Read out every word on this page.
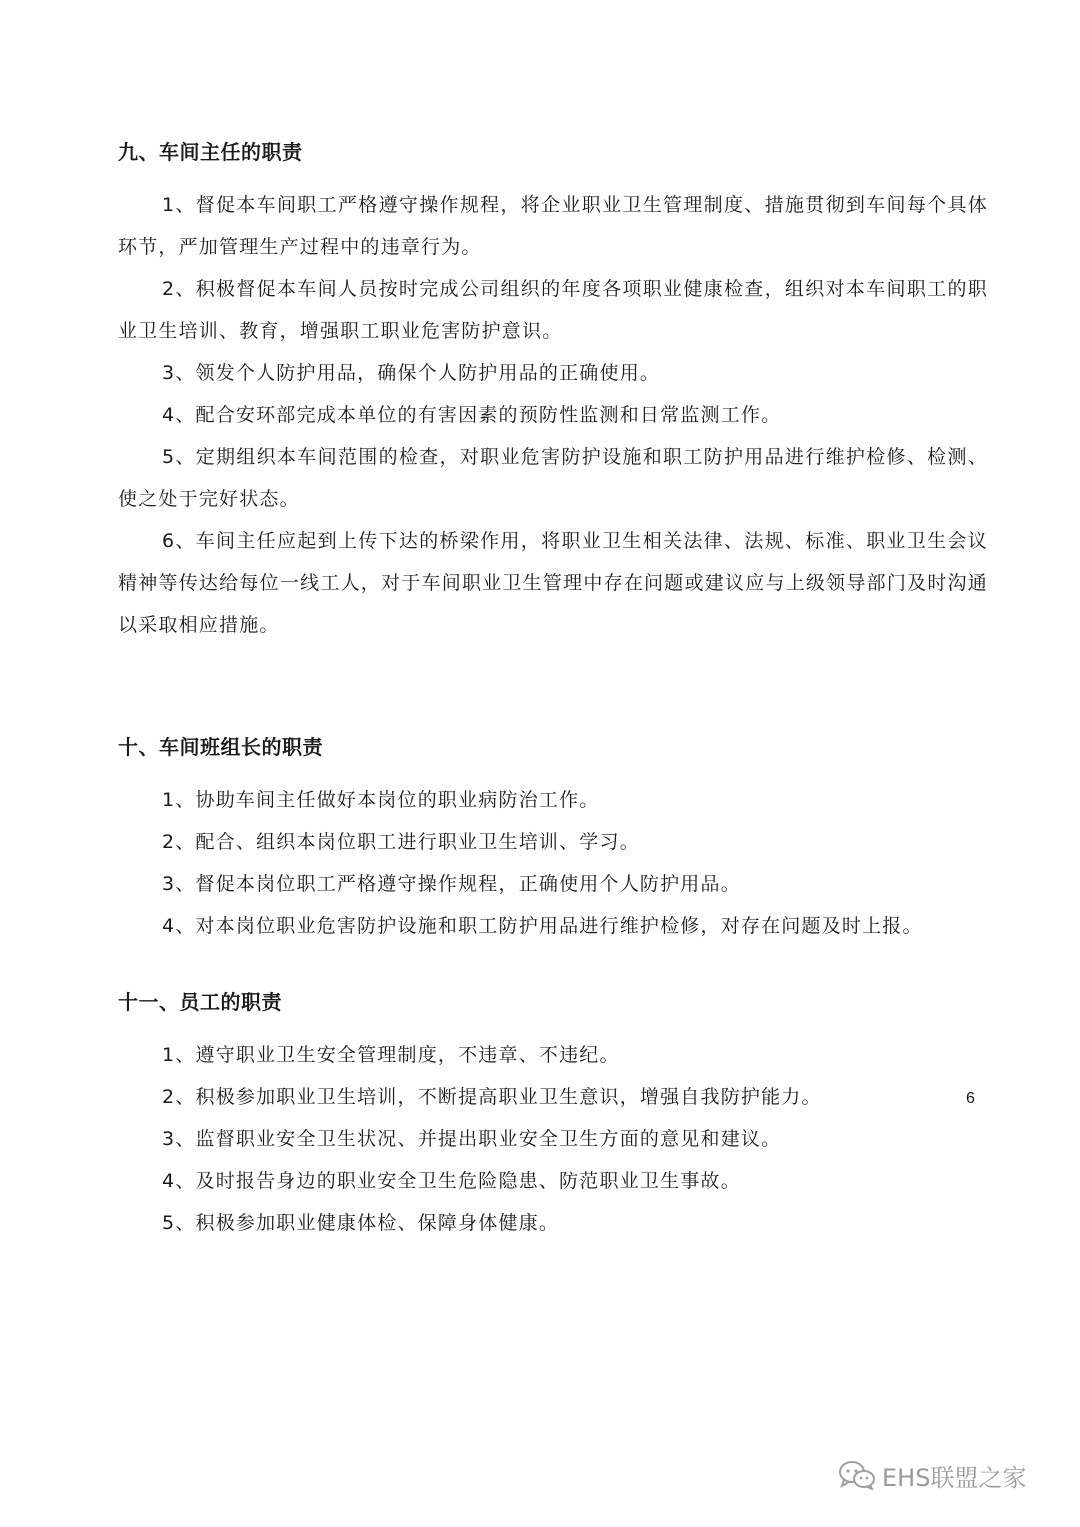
九、车间主任的职责

1、督促本车间职工严格遵守操作规程，将企业职业卫生管理制度、措施贯彻到车间每个具体环节，严加管理生产过程中的违章行为。

2、积极督促本车间人员按时完成公司组织的年度各项职业健康检查，组织对本车间职工的职业卫生培训、教育，增强职工职业危害防护意识。

3、领发个人防护用品，确保个人防护用品的正确使用。

4、配合安环部完成本单位的有害因素的预防性监测和日常监测工作。

5、定期组织本车间范围的检查，对职业危害防护设施和职工防护用品进行维护检修、检测、使之处于完好状态。

6、车间主任应起到上传下达的桥梁作用，将职业卫生相关法律、法规、标准、职业卫生会议精神等传达给每位一线工人，对于车间职业卫生管理中存在问题或建议应与上级领导部门及时沟通以采取相应措施。

十、车间班组长的职责

1、协助车间主任做好本岗位的职业病防治工作。

2、配合、组织本岗位职工进行职业卫生培训、学习。

3、督促本岗位职工严格遵守操作规程，正确使用个人防护用品。

4、对本岗位职业危害防护设施和职工防护用品进行维护检修，对存在问题及时上报。

十一、员工的职责

1、遵守职业卫生安全管理制度，不违章、不违纪。

2、积极参加职业卫生培训，不断提高职业卫生意识，增强自我防护能力。

3、监督职业安全卫生状况、并提出职业安全卫生方面的意见和建议。

4、及时报告身边的职业安全卫生危险隐患、防范职业卫生事故。

5、积极参加职业健康体检、保障身体健康。

6
EHS联盟之家
